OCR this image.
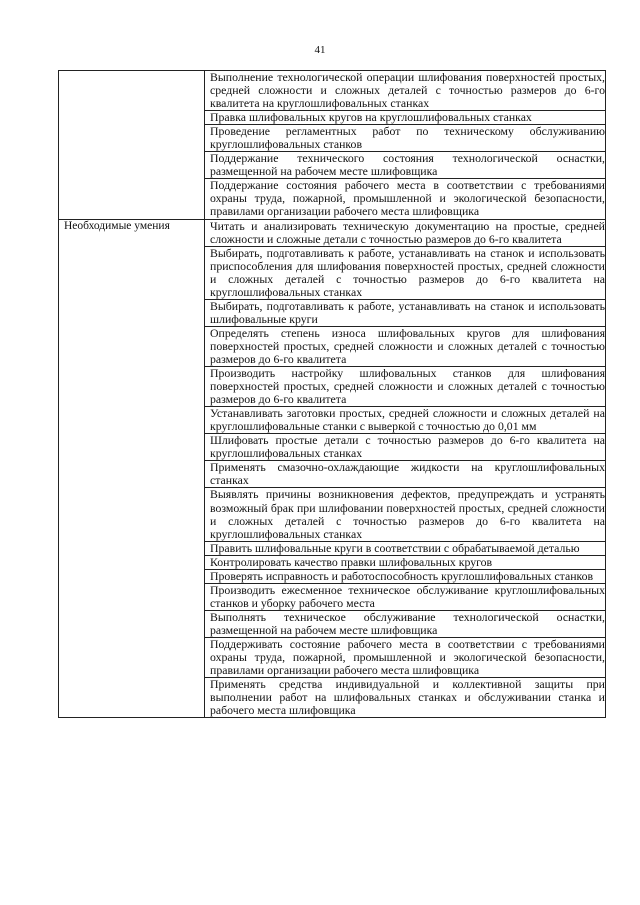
41
	Выполнение технологической операции шлифования поверхностей простых, средней сложности и сложных деталей с точностью размеров до 6-го квалитета на круглошлифовальных станках
	Правка шлифовальных кругов на круглошлифовальных станках
	Проведение регламентных работ по техническому обслуживанию круглошлифовальных станков
	Поддержание технического состояния технологической оснастки, размещенной на рабочем месте шлифовщика
	Поддержание состояния рабочего места в соответствии с требованиями охраны труда, пожарной, промышленной и экологической безопасности, правилами организации рабочего места шлифовщика
Необходимые умения	Читать и анализировать техническую документацию на простые, средней сложности и сложные детали с точностью размеров до 6-го квалитета
	Выбирать, подготавливать к работе, устанавливать на станок и использовать приспособления для шлифования поверхностей простых, средней сложности и сложных деталей с точностью размеров до 6-го квалитета на круглошлифовальных станках
	Выбирать, подготавливать к работе, устанавливать на станок и использовать шлифовальные круги
	Определять степень износа шлифовальных кругов для шлифования поверхностей простых, средней сложности и сложных деталей с точностью размеров до 6-го квалитета
	Производить настройку шлифовальных станков для шлифования поверхностей простых, средней сложности и сложных деталей с точностью размеров до 6-го квалитета
	Устанавливать заготовки простых, средней сложности и сложных деталей на круглошлифовальные станки с выверкой с точностью до 0,01 мм
	Шлифовать простые детали с точностью размеров до 6-го квалитета на круглошлифовальных станках
	Применять смазочно-охлаждающие жидкости на круглошлифовальных станках
	Выявлять причины возникновения дефектов, предупреждать и устранять возможный брак при шлифовании поверхностей простых, средней сложности и сложных деталей с точностью размеров до 6-го квалитета на круглошлифовальных станках
	Править шлифовальные круги в соответствии с обрабатываемой деталью
	Контролировать качество правки шлифовальных кругов
	Проверять исправность и работоспособность круглошлифовальных станков
	Производить ежесменное техническое обслуживание круглошлифовальных станков и уборку рабочего места
	Выполнять техническое обслуживание технологической оснастки, размещенной на рабочем месте шлифовщика
	Поддерживать состояние рабочего места в соответствии с требованиями охраны труда, пожарной, промышленной и экологической безопасности, правилами организации рабочего места шлифовщика
	Применять средства индивидуальной и коллективной защиты при выполнении работ на шлифовальных станках и обслуживании станка и рабочего места шлифовщика
